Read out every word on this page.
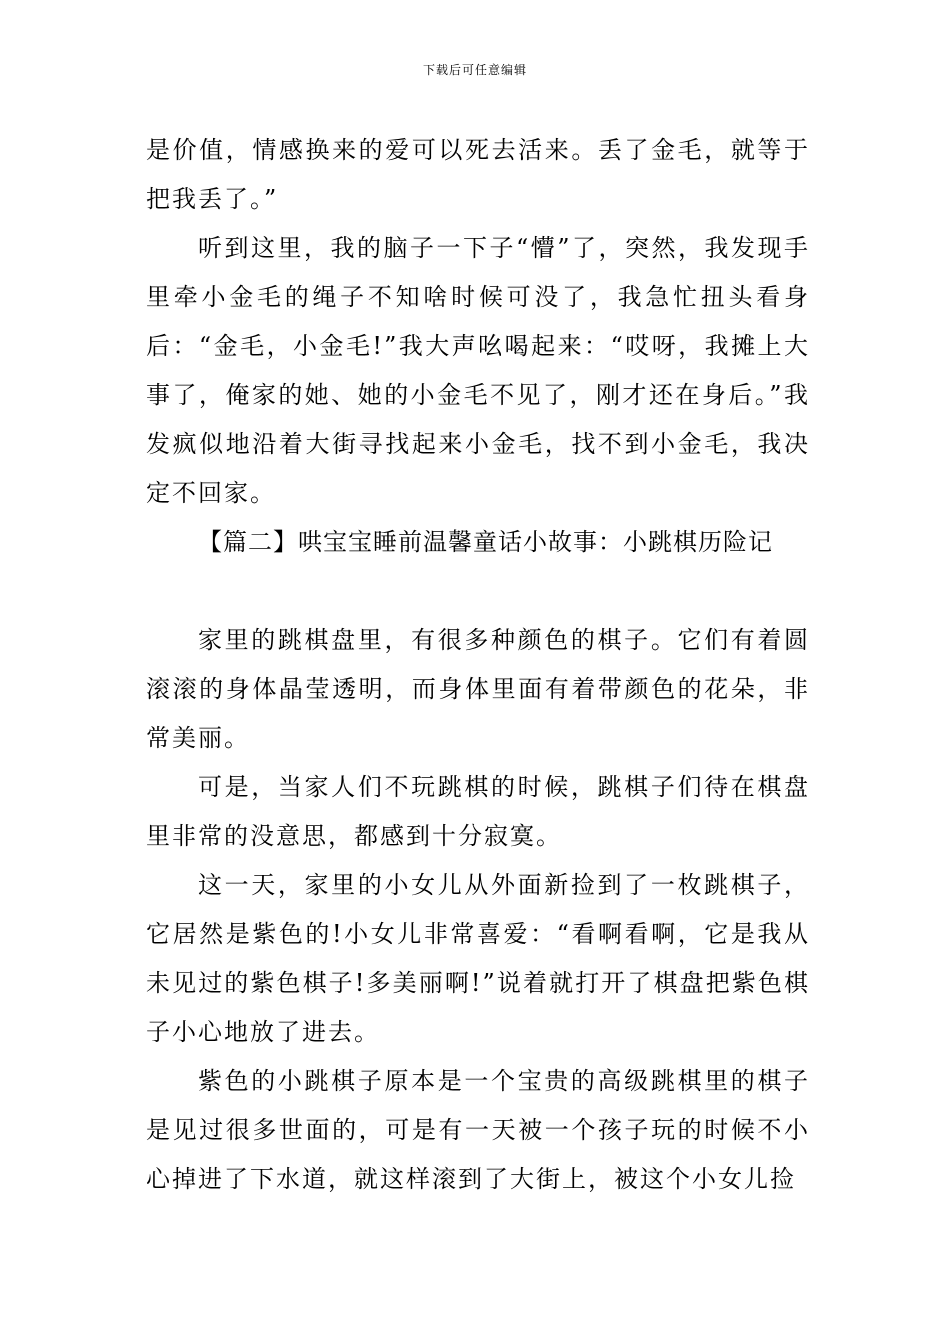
下载后可任意编辑

是价值，情感换来的爱可以死去活来。丢了金毛，就等于把我丢了。”

听到这里，我的脑子一下子“懵”了，突然，我发现手里牵小金毛的绳子不知啥时候可没了，我急忙扭头看身后：“金毛，小金毛!”我大声吆喝起来：“哎呀，我摊上大事了，俺家的她、她的小金毛不见了，刚才还在身后。”我发疯似地沿着大街寻找起来小金毛，找不到小金毛，我决定不回家。

【篇二】哄宝宝睡前温馨童话小故事：小跳棋历险记

家里的跳棋盘里，有很多种颜色的棋子。它们有着圆滚滚的身体晶莹透明，而身体里面有着带颜色的花朵，非常美丽。

可是，当家人们不玩跳棋的时候，跳棋子们待在棋盘里非常的没意思，都感到十分寂寞。

这一天，家里的小女儿从外面新捡到了一枚跳棋子，它居然是紫色的!小女儿非常喜爱：“看啊看啊，它是我从未见过的紫色棋子!多美丽啊!”说着就打开了棋盘把紫色棋子小心地放了进去。

紫色的小跳棋子原本是一个宝贵的高级跳棋里的棋子是见过很多世面的，可是有一天被一个孩子玩的时候不小心掉进了下水道，就这样滚到了大街上，被这个小女儿捡
